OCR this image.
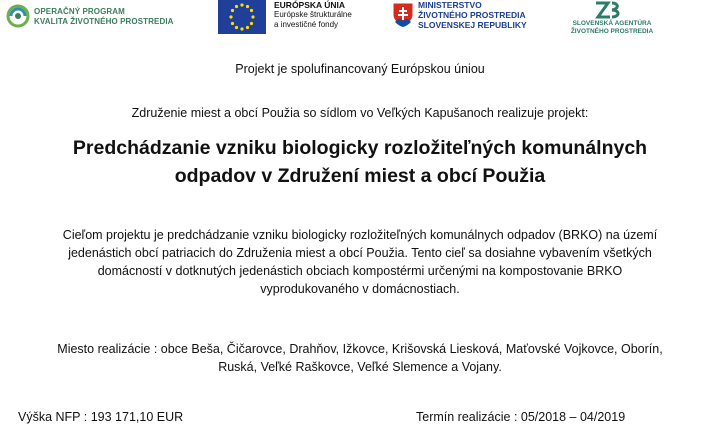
OPERAČNÝ PROGRAM
KVALITA ŽIVOTNÉHO PROSTREDIA
EURÓPSKA ÚNIA
Európske štrukturálne
a investičné fondy
MINISTERSTVO
ŽIVOTNÉHO PROSTREDIA
SLOVENSKEJ REPUBLIKY	SLOVENSKÁ AGENTÚRA
ŽIVOTNÉHO PROSTREDIA
Projekt je spolufinancovaný Európskou úniou
Združenie miest a obcí Použia so sídlom vo Veľkých Kapušanoch realizuje projekt:
Predchádzanie vzniku biologicky rozložiteľných komunálnych
odpadov v Združení miest a obcí Použia
Cieľom projektu je predchádzanie vzniku biologicky rozložiteľných komunálnych odpadov (BRKO) na území
jedenástich obcí patriacich do Združenia miest a obcí Použia. Tento cieľ sa dosiahne vybavením všetkých
domácností v dotknutých jedenástich obciach kompostérmi určenými na kompostovanie BRKO
vyprodukovaného v domácnostiach.
Miesto realizácie : obce Beša, Čičarovce, Drahňov, Ižkovce, Krišovská Liesková, Maťovské Vojkovce, Oborín,
Ruská, Veľké Raškovce, Veľké Slemence a Vojany.
Výška NFP : 193 171,10 EUR	Termín realizácie : 05/2018 – 04/2019
